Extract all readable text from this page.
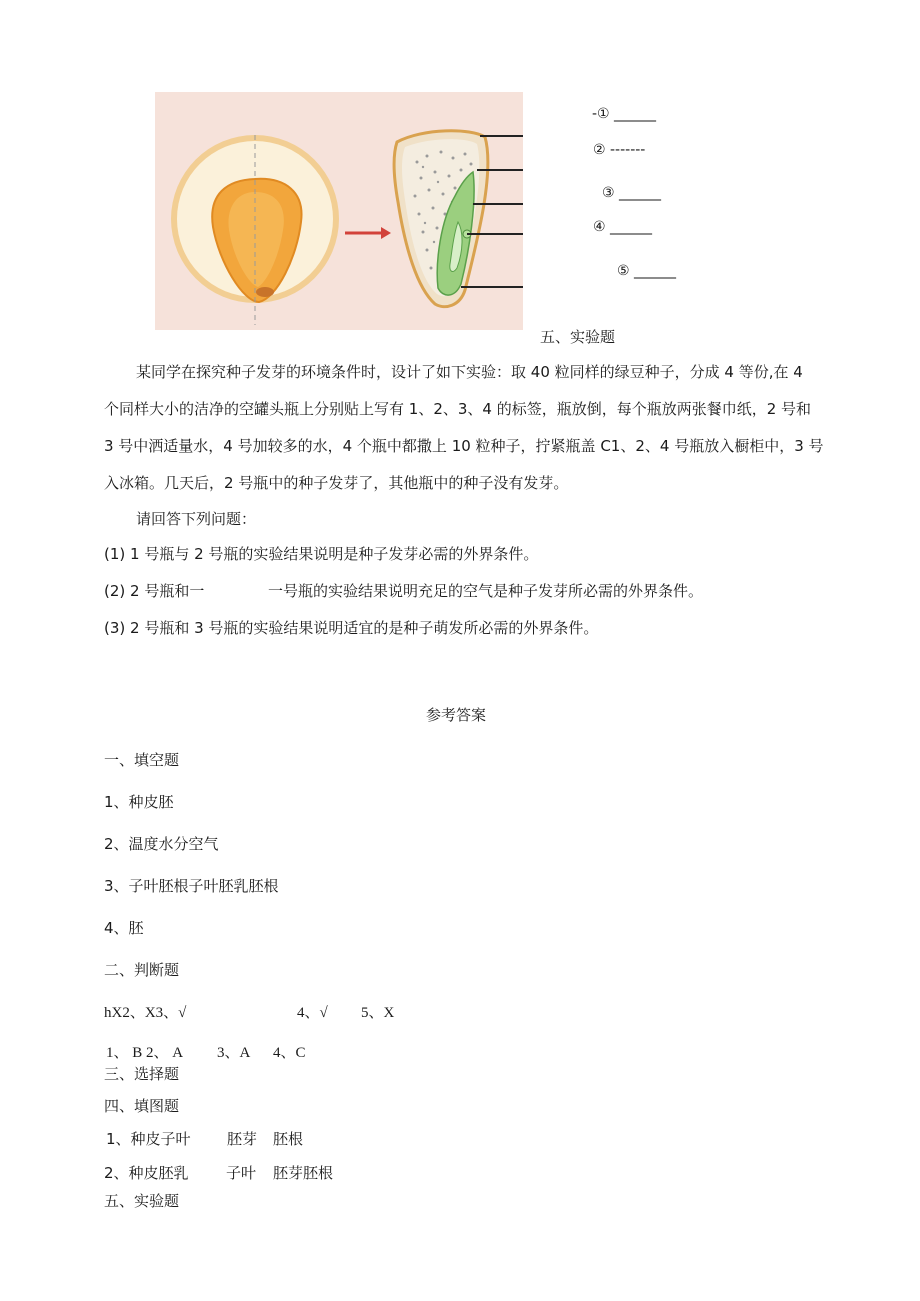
-① ______
② -------
③ ______
④ ______
⑤ ______
五、实验题
某同学在探究种子发芽的环境条件时，设计了如下实验：取 40 粒同样的绿豆种子，分成 4 等份,在 4
个同样大小的洁净的空罐头瓶上分别贴上写有 1、2、3、4 的标签，瓶放倒，每个瓶放两张餐巾纸，2 号和
3 号中洒适量水，4 号加较多的水，4 个瓶中都撒上 10 粒种子，拧紧瓶盖 C1、2、4 号瓶放入橱柜中，3 号
入冰箱。几天后，2 号瓶中的种子发芽了，其他瓶中的种子没有发芽。
请回答下列问题：
(1) 1 号瓶与 2 号瓶的实验结果说明是种子发芽必需的外界条件。
(2) 2 号瓶和一	一号瓶的实验结果说明充足的空气是种子发芽所必需的外界条件。
(3) 2 号瓶和 3 号瓶的实验结果说明适宜的是种子萌发所必需的外界条件。
参考答案
一、填空题
1、种皮胚
2、温度水分空气
3、子叶胚根子叶胚乳胚根
4、胚
二、判断题
hX2、X3、√	4、√ 5、X
1、 B 2、 A 3、A 4、C
三、选择题
四、填图题
1、种皮子叶 胚芽 胚根
2、种皮胚乳 子叶 胚芽胚根
五、实验题
